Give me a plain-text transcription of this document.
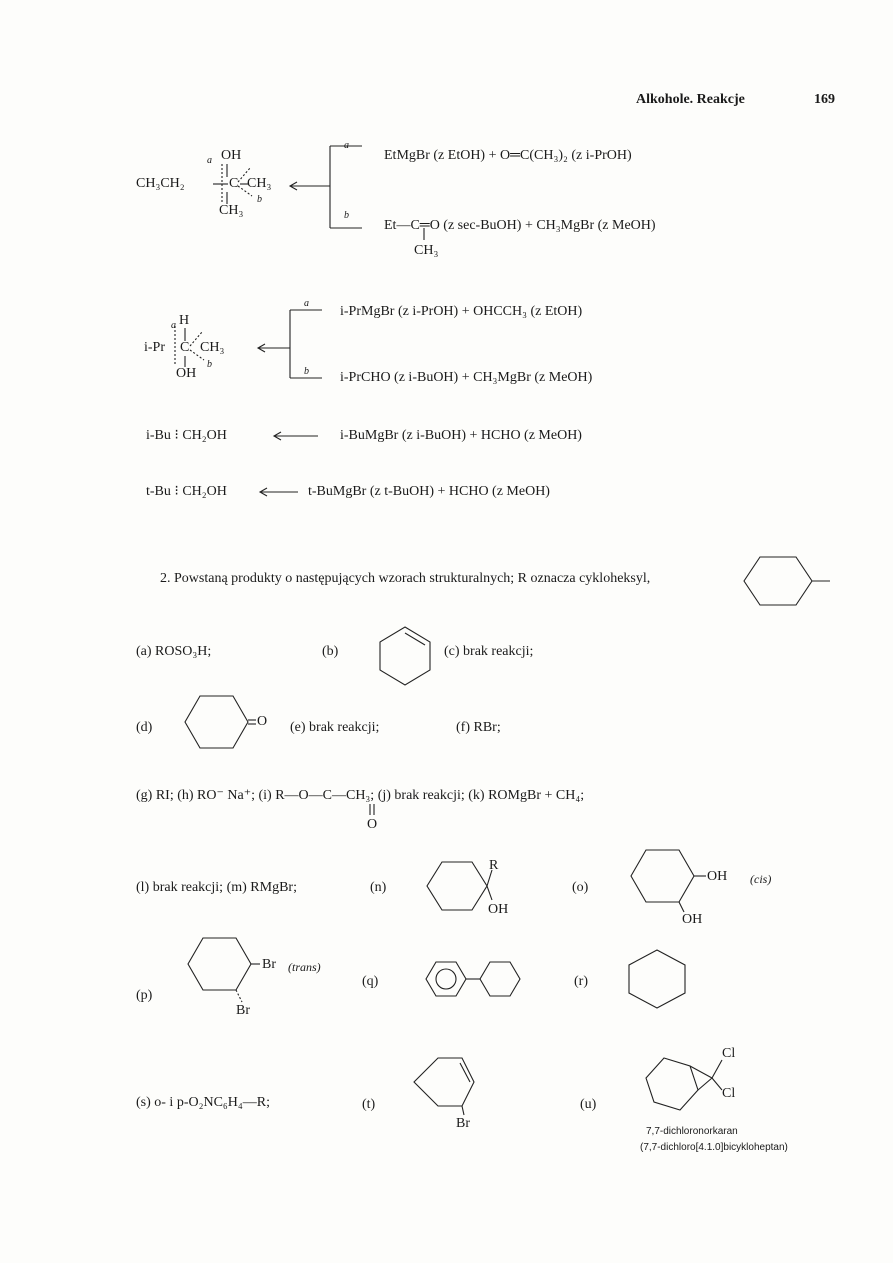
Alkohole. Reakcje	169
CH₃CH₂
OH
CH₃
CH₃
a
b
C
a
b
EtMgBr (z EtOH) + O═C(CH₃)₂ (z i-PrOH)
Et—C═O (z sec-BuOH) + CH₃MgBr (z MeOH)
CH₃
i-Pr C
H
CH₃
OH
a
b
a
b
i-PrMgBr (z i-PrOH) + OHCCH₃ (z EtOH)
i-PrCHO (z i-BuOH) + CH₃MgBr (z MeOH)
i-Bu ⁝ CH₂OH	i-BuMgBr (z i-BuOH) + HCHO (z MeOH)
t-Bu ⁝ CH₂OH	t-BuMgBr (z t-BuOH) + HCHO (z MeOH)
2. Powstaną produkty o następujących wzorach strukturalnych; R oznacza cykloheksyl,
(a) ROSO₃H;	(b)	(c) brak reakcji;
(d)	O (e) brak reakcji;	(f) RBr;
(g) RI; (h) RO⁻ Na⁺; (i) R—O—C—CH₃; (j) brak reakcji; (k) ROMgBr + CH₄;
O
(l) brak reakcji; (m) RMgBr;	(n)
R
OH
(o)
OH (cis)
OH
(p)
Br (trans)
Br
(q)	(r)
(s) o- i p-O₂NC₆H₄—R;	(t)
Br
(u)
Cl
Cl
7,7-dichloronorkaran
(7,7-dichloro[4.1.0]bicykloheptan)
